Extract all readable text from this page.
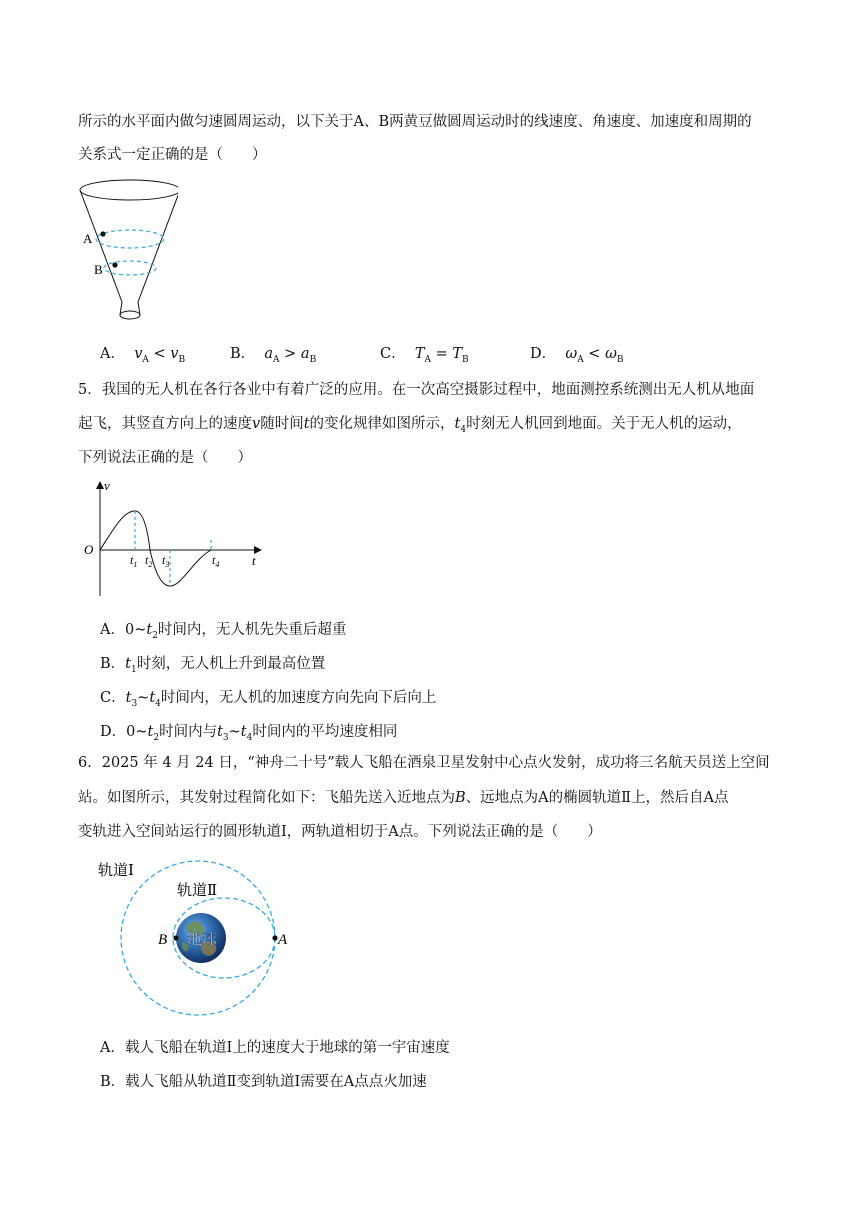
所示的水平面内做匀速圆周运动，以下关于A、B两黄豆做圆周运动时的线速度、角速度、加速度和周期的
关系式一定正确的是（　　）
A
B
A． $v_A < v_B$	B． $a_A > a_B$	C． $T_A = T_B$	D． $\omega_A < \omega_B$
5．我国的无人机在各行各业中有着广泛的应用。在一次高空摄影过程中，地面测控系统测出无人机从地面
起飞，其竖直方向上的速度v随时间t的变化规律如图所示，$t_4$时刻无人机回到地面。关于无人机的运动，
下列说法正确的是（　　）
v
t
O
$t_1$ $t_2$ $t_3$	$t_4$
A．$0\sim t_2$时间内，无人机先失重后超重
B．$t_1$时刻，无人机上升到最高位置
C．$t_3\sim t_4$时间内，无人机的加速度方向先向下后向上
D．$0\sim t_2$时间内与$t_3\sim t_4$时间内的平均速度相同
6．2025 年 4 月 24 日，“神舟二十号”载人飞船在酒泉卫星发射中心点火发射，成功将三名航天员送上空间
站。如图所示，其发射过程简化如下：飞船先送入近地点为B、远地点为A的椭圆轨道Ⅱ上，然后自A点
变轨进入空间站运行的圆形轨道Ⅰ，两轨道相切于A点。下列说法正确的是（　　）
地球
B	A
轨道Ⅰ
轨道Ⅱ
A．载人飞船在轨道Ⅰ上的速度大于地球的第一宇宙速度
B．载人飞船从轨道Ⅱ变到轨道Ⅰ需要在A点点火加速
